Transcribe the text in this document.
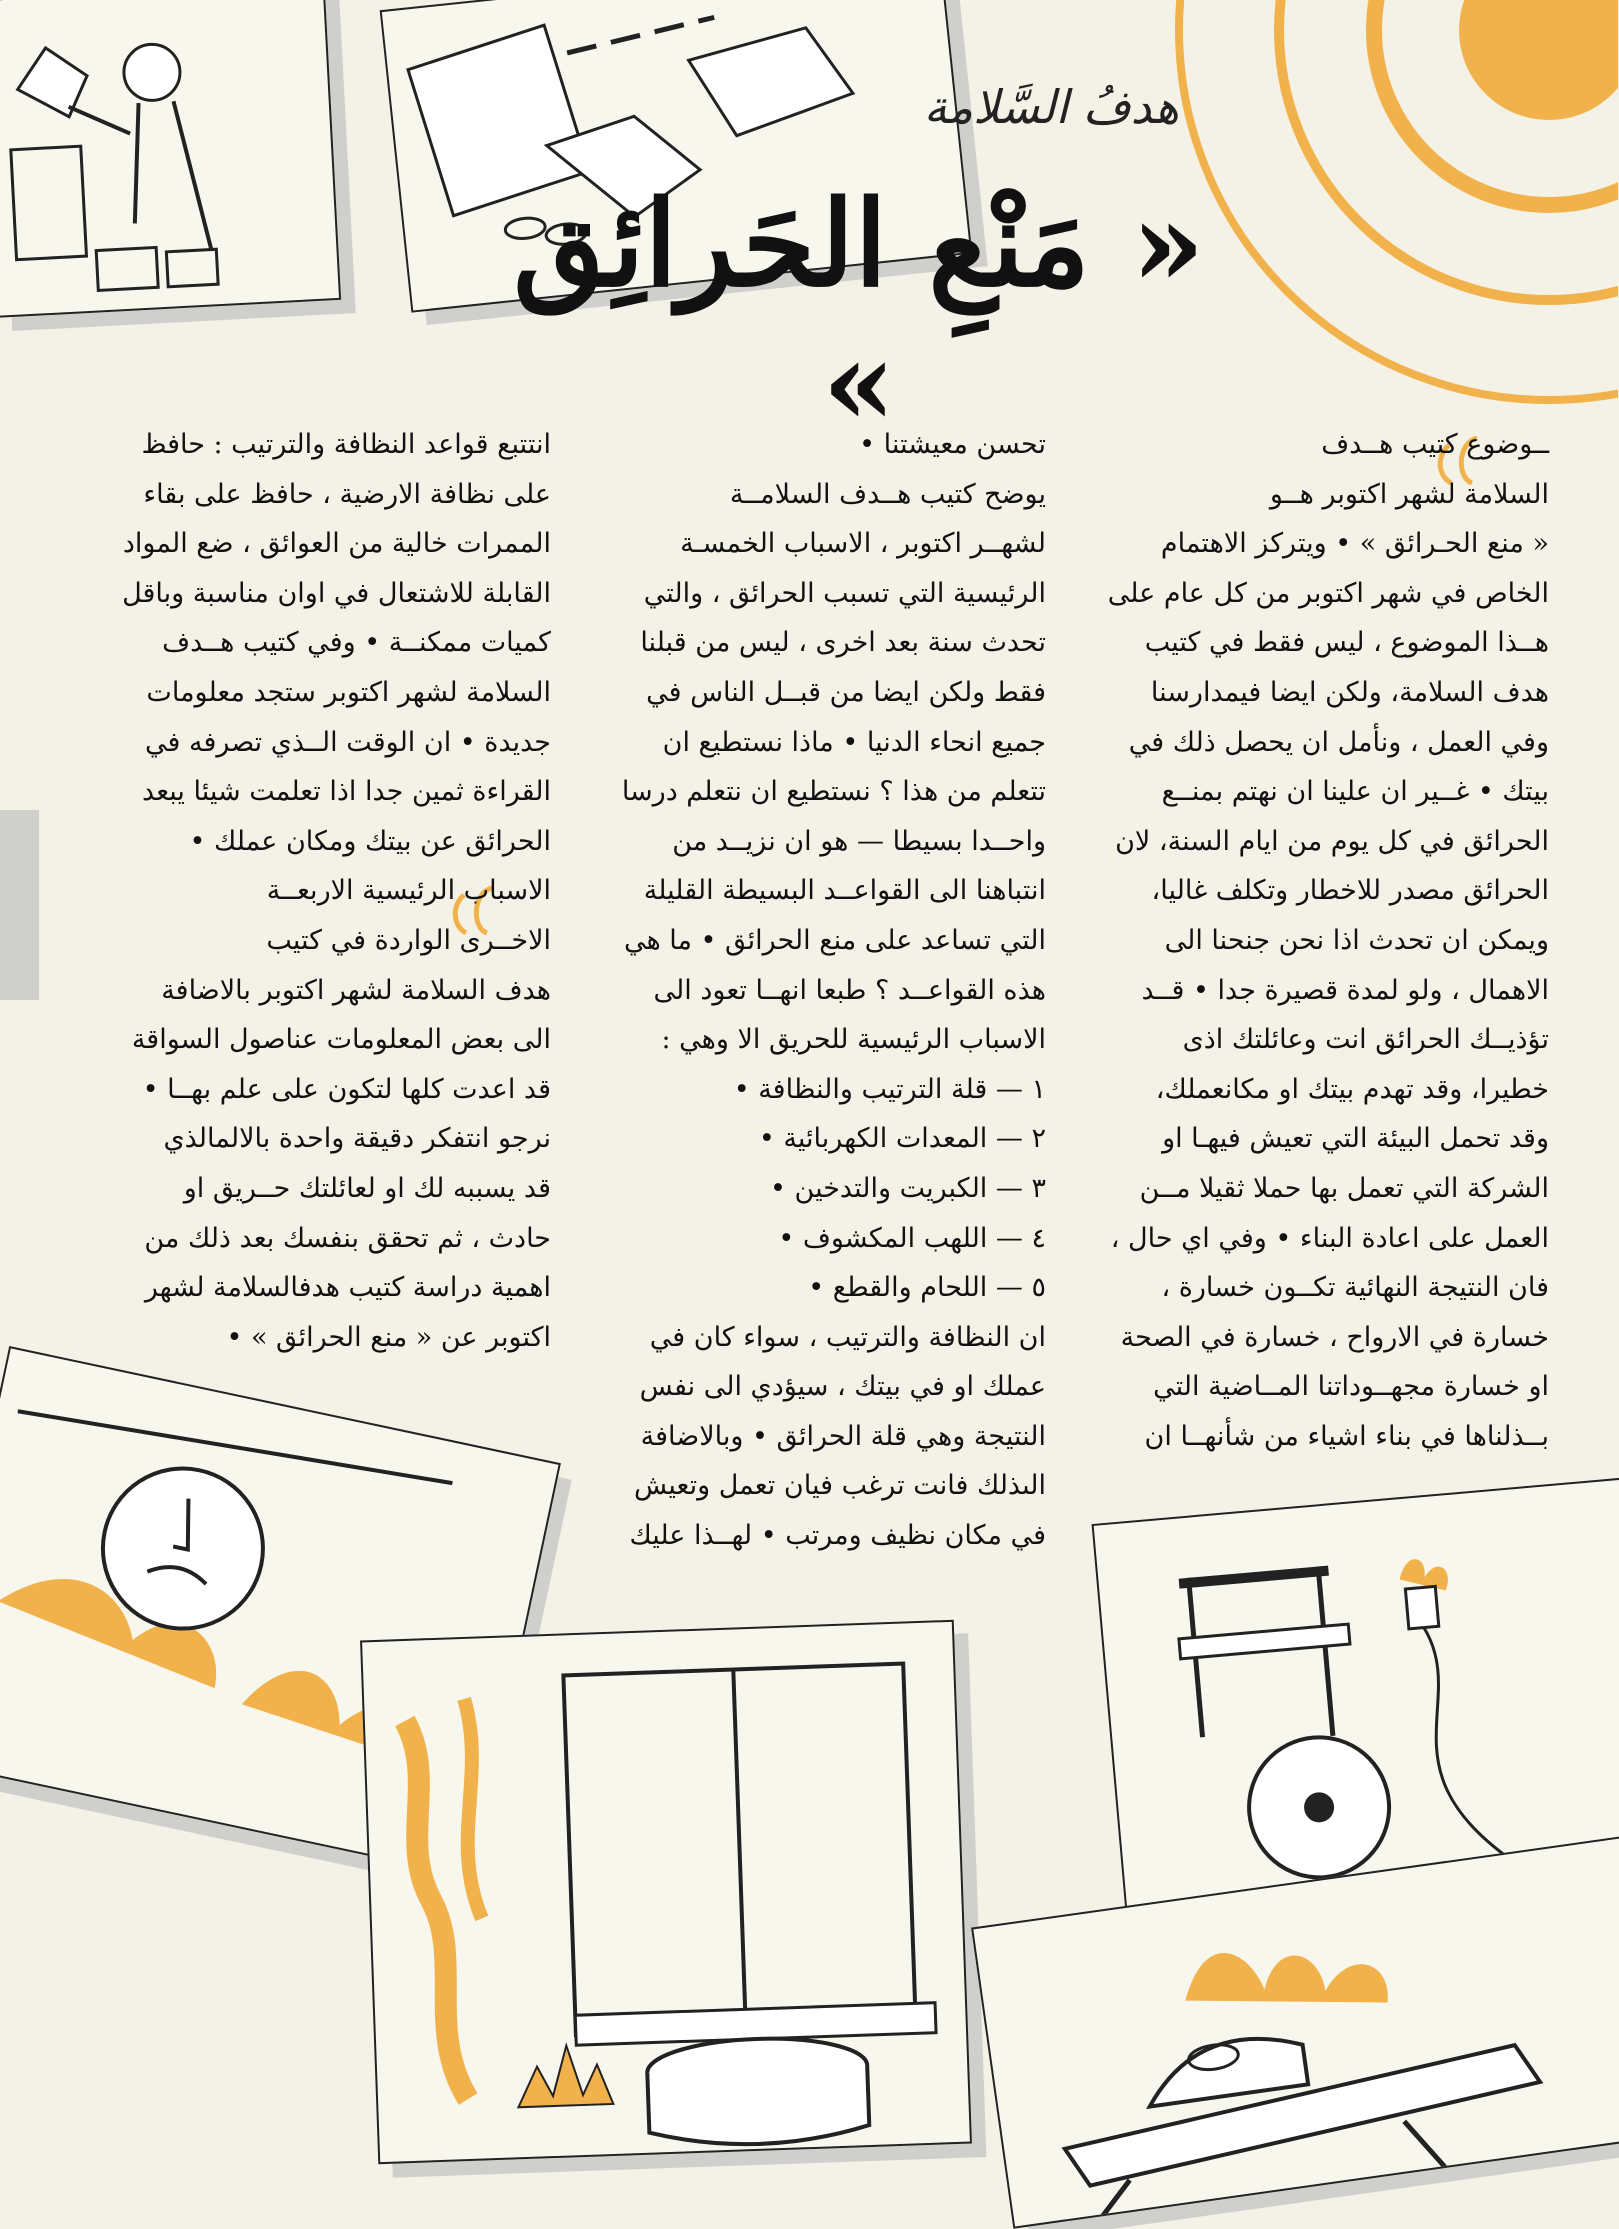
هدفُ السَّلامة
« مَنْعِ الحَرائِق »	ــوضوع كتيب هــدف
السلامة لشهر اكتوبر هــو
« منع الحـرائق » • ويتركز الاهتمام
الخاص في شهر اكتوبر من كل عام على
هــذا الموضوع ، ليس فقط في كتيب
هدف السلامة، ولكن ايضا فيمدارسنا
وفي العمل ، ونأمل ان يحصل ذلك في
بيتك • غــير ان علينا ان نهتم بمنــع
الحرائق في كل يوم من ايام السنة، لان
الحرائق مصدر للاخطار وتكلف غاليا،
ويمكن ان تحدث اذا نحن جنحنا الى
الاهمال ، ولو لمدة قصيرة جدا • قــد
تؤذيــك الحرائق انت وعائلتك اذى
خطيرا، وقد تهدم بيتك او مكانعملك،
وقد تحمل البيئة التي تعيش فيهـا او
الشركة التي تعمل بها حملا ثقيلا مــن
العمل على اعادة البناء • وفي اي حال ،
فان النتيجة النهائية تكــون خسارة ،
خسارة في الارواح ، خسارة في الصحة
او خسارة مجهــوداتنا المــاضية التي
بــذلناها في بناء اشياء من شأنهــا ان
تحسن معيشتنا •
يوضح كتيب هــدف السلامــة
لشهــر اكتوبر ، الاسباب الخمسـة
الرئيسية التي تسبب الحرائق ، والتي
تحدث سنة بعد اخرى ، ليس من قبلنا
فقط ولكن ايضا من قبــل الناس في
جميع انحاء الدنيا • ماذا نستطيع ان
تتعلم من هذا ؟ نستطيع ان نتعلم درسا
واحــدا بسيطا — هو ان نزيــد من
انتباهنا الى القواعــد البسيطة القليلة
التي تساعد على منع الحرائق • ما هي
هذه القواعــد ؟ طبعا انهــا تعود الى
الاسباب الرئيسية للحريق الا وهي :
١ — قلة الترتيب والنظافة •
٢ — المعدات الكهربائية •
٣ — الكبريت والتدخين •
٤ — اللهب المكشوف •
٥ — اللحام والقطع •
ان النظافة والترتيب ، سواء كان في
عملك او في بيتك ، سيؤدي الى نفس
النتيجة وهي قلة الحرائق • وبالاضافة
الىذلك فانت ترغب فيان تعمل وتعيش
في مكان نظيف ومرتب • لهــذا عليك
انتتبع قواعد النظافة والترتيب : حافظ
على نظافة الارضية ، حافظ على بقاء
الممرات خالية من العوائق ، ضع المواد
القابلة للاشتعال في اوان مناسبة وباقل
كميات ممكنــة • وفي كتيب هــدف
السلامة لشهر اكتوبر ستجد معلومات
جديدة • ان الوقت الــذي تصرفه في
القراءة ثمين جدا اذا تعلمت شيئا يبعد
الحرائق عن بيتك ومكان عملك •
الاسباب الرئيسية الاربعــة
الاخــرى الواردة في كتيب
هدف السلامة لشهر اكتوبر بالاضافة
الى بعض المعلومات عناصول السواقة
قد اعدت كلها لتكون على علم بهــا •
نرجو انتفكر دقيقة واحدة بالالمالذي
قد يسببه لك او لعائلتك حــريق او
حادث ، ثم تحقق بنفسك بعد ذلك من
اهمية دراسة كتيب هدفالسلامة لشهر
اكتوبر عن « منع الحرائق » •
